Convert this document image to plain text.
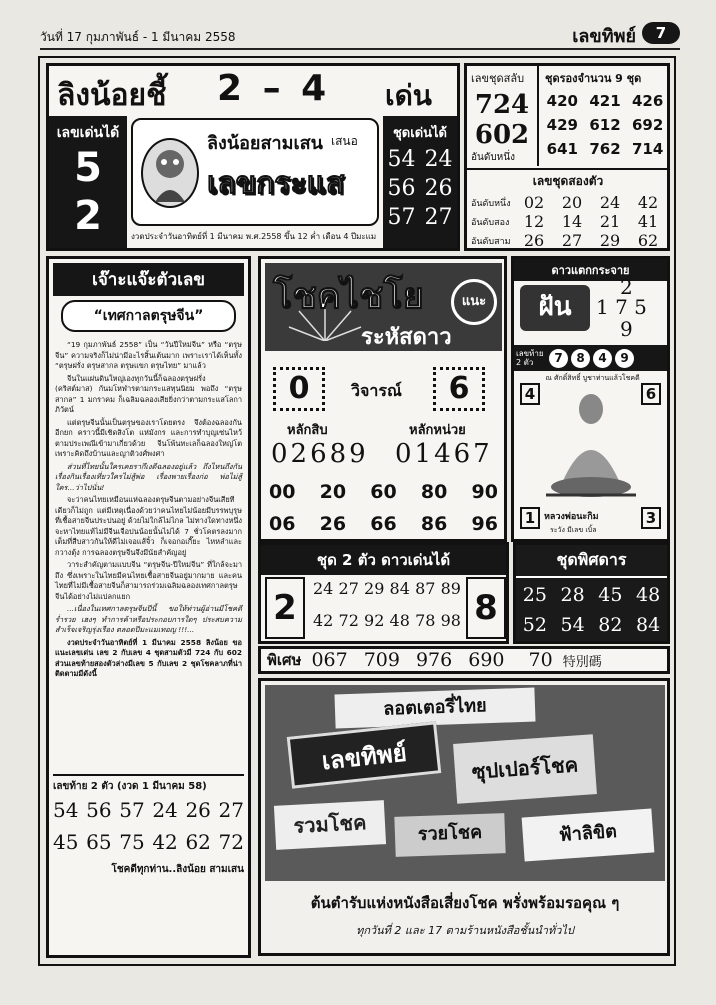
วันที่ 17 กุมภาพันธ์ - 1 มีนาคม 2558	เลขทิพย์	7
ลิงน้อยชี้ 2 – 4 เด่น
เลขเด่นได้
5
2
ลิงน้อยสามเสน เสนอ
เลขกระแส
งวดประจำวันอาทิตย์ที่ 1 มีนาคม พ.ศ.2558 ขึ้น 12 ค่ำ เดือน 4 ปีมะแม
ชุดเด่นได้
54 24
56 26
57 27
เลขชุดสลับ
724
602
อันดับหนึ่ง
ชุดรองจำนวน 9 ชุด
420 421 426
429 612 692
641 762 714
เลขชุดสองตัว
อันดับหนึ่ง 02	20	24	42
อันดับสอง 12	14	21	41
อันดับสาม 26	27	29	62
เจ๊าะแจ๊ะตัวเลข
“เทศกาลตรุษจีน”

“19 กุมภาพันธ์ 2558” เป็น “วันปีใหม่จีน” หรือ “ตรุษจีน” ความจริงก็ไม่น่ามีอะไรสิ้นเต้นมาก เพราะเราได้เห็นทั้ง “ตรุษฝรั่ง ตรุษสากล ตรุษแขก ตรุษไทย” มาแล้ว

จีนในแผ่นดินใหญ่เองทุกวันนี้ก็ฉลองตรุษฝรั่ง (คริสต์มาส) กันมโหฬารตามกระแสทุนนิยม พอถึง “ตรุษสากล” 1 มกราคม ก็เฉลิมฉลองเสียยิ่งกว่าตามกระแสโลกาภิวัตน์

แต่ตรุษจีนนั้นเป็นตรุษของเราโดยตรง จึงต้องฉลองกันอีกยก คราวนี้มีเชิดสิงโต แห่มังกร และการทำบุญเซ่นไหว้ตามประเพณีเข้ามาเกี่ยวด้วย จีนโพ้นทะเลก็ฉลองใหญ่โตเพราะคิดถึงบ้านและญาติวงศ์พงศา

ส่วนที่ไทยนั้นใครเคยรากึเงดีฉลองอยู่แล้ว ถึงไหนถึงกัน เรื่องกินเรื่องเที่ยวใครไม่สู้พ่อ เรื่องพายเรื่องก่อ พ่อไม่สู้ใคร...ว่าไปนั่น!

จะว่าคนไทยเหมือนแห่ฉลองตรุษจีนตามอย่างจีนเสียทีเดียวก็ไม่ถูก แต่มีเหตุเนื่องด้วยว่าคนไทยไม่น้อยมีบรรพบุรุษที่เชื้อสายจีนประปนอยู่ ด้วยไม่ใกล้ไม่ไกล ไม่ทางใดทางหนึ่ง จะหาไทยแท้ไม่มีจีนเจือปนน้อยนั้นไม่ได้ 7 ชั่วโคตรลงมากเต็มที่สืบสาวกันให้ดีไม่เจอแส้จิ้ว ก็เจอกอเกี๊ยะ ไหหลำและ กวางตุ้ง การฉลองตรุษจีนจึงมีนัยสำคัญอยู่

วาระสำคัญตามแบบจีน “ตรุษจีน-ปีใหม่จีน” ที่ใกล้จะมาถึง ซึ่งเพราะในไทยมีคนไทยเชื้อสายจีนอยู่มากมาย และคนไทยที่ไม่มีเชื้อสายจีนก็สามารถร่วมเฉลิมฉลองเทศกาลตรุษจีนได้อย่างไม่แปลกแยก

...เนื่องในเทศกาลตรุษจีนปีนี้ ขอให้ท่านผู้อ่านมีโชคดีร่ำรวย เฮงๆ ทำการค้าหรือประกอบการใดๆ ประสบความสำเร็จเจริญรุ่งเรือง ตลอดปีมะแมเทอญ !!!...

งวดประจำวันอาทิตย์ที่ 1 มีนาคม 2558 ลิงน้อย ขอแนะเลขเด่น เลข 2 กับเลข 4 ชุดสามตัวมี 724 กับ 602 ส่วนเลขท้ายสองตัวล่างมีเลข 5 กับเลข 2 ชุดโชคลาภที่น่าติดตามมีดังนี้

เลขท้าย 2 ตัว (งวด 1 มีนาคม 58)
54 56 57 24 26 27
45 65 75 42 62 72
โชคดีทุกท่าน..ลิงน้อย สามเสน
โชคไชโย	แนะ
ระหัสดาว
0	วิจารณ์	6
หลักสิบ	หลักหน่วย
02689 01467
00 20 60 80 90
06 26 66 86 96
ดาวแตกกระจาย
ฝัน
2
1 7 5
9
เลขท้าย 2 ตัว	7	8	4	9
ณ ศักดิ์สิทธิ์ บูชาท่านแล้วโชคดี
4	6
1	3
หลวงพ่อนะกิม
ระวัง มีเลข เบิ้ล
ชุด 2 ตัว ดาวเด่นได้
2	24 27 29 84 87 89
42 72 92 48 78 98 8
ชุดพิศดาร
25 28 45 48
52 54 82 84
พิเศษ 067 709 976 690 70 特別碼
ลอตเตอรี่ไทย
เลขทิพย์	ซุปเปอร์โชค
รวมโชค	รวยโชค	ฟ้าลิขิต
ต้นตำรับแห่งหนังสือเสี่ยงโชค พรั่งพร้อมรอคุณ ๆ
ทุกวันที่ 2 และ 17 ตามร้านหนังสือชั้นนำทั่วไป
